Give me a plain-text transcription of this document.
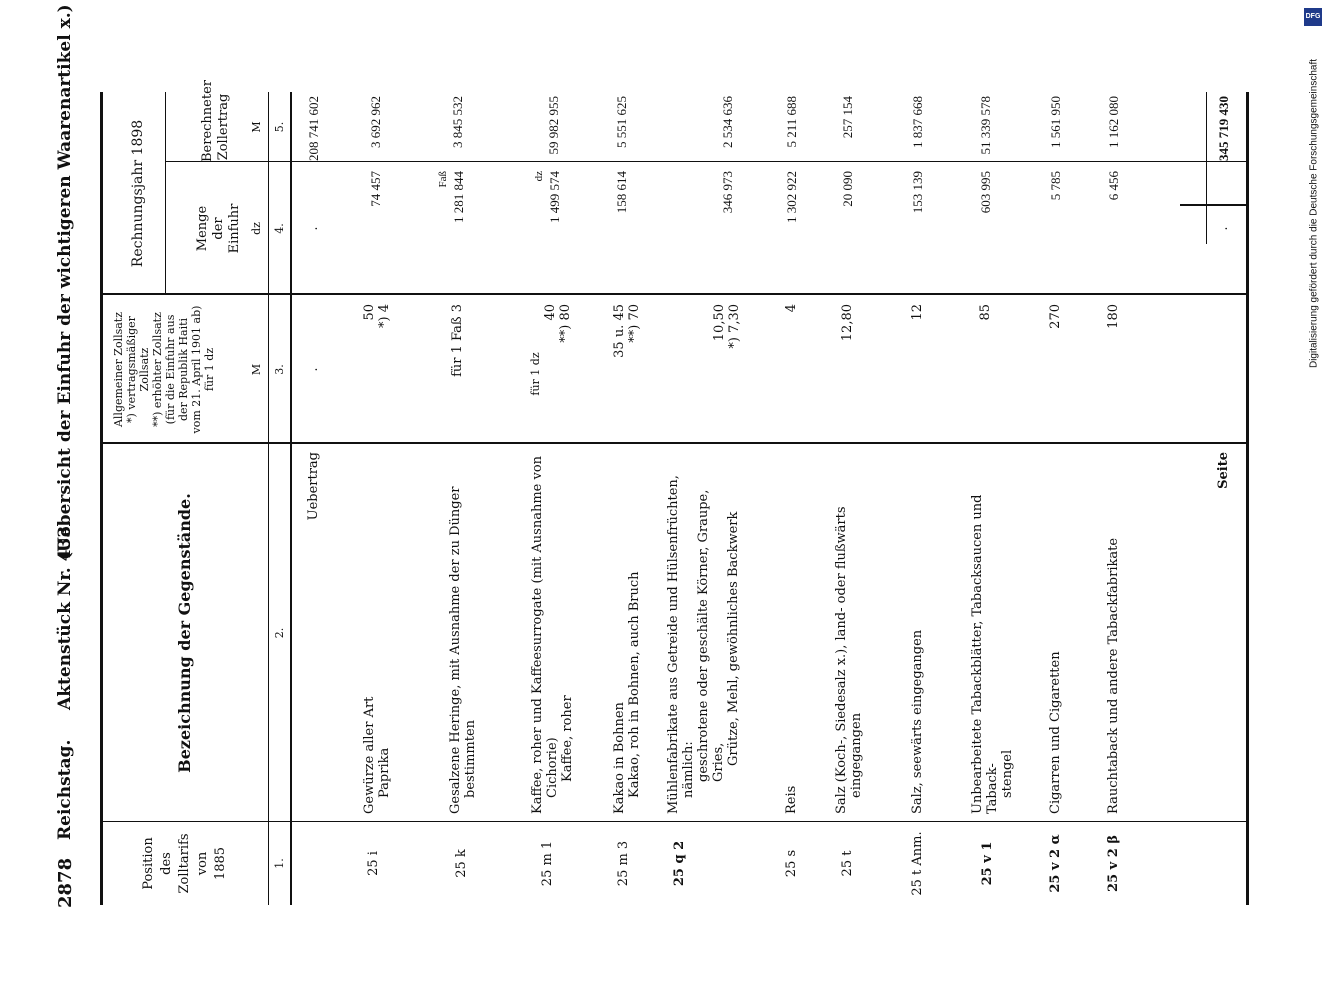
2878
Reichstag.
Aktenstück Nr. 433.
(Uebersicht der Einfuhr der wichtigeren Waarenartikel x.)
Position des Zolltarifs von 1885
Bezeichnung der Gegenstände.
Allgemeiner Zollsatz *) vertragsmäßiger Zollsatz **) erhöhter Zollsatz (für die Einfuhr aus der Republik Haiti vom 21. April 1901 ab) für 1 dz
Rechnungsjahr 1898	Menge der Einfuhr
Berechneter Zollertrag
M
dz
M
1.
2.
3.
4.
5.
Uebertrag
.
.
208 741 602
25 i
Gewürze aller Art Paprika
50 *) 4
74 457
3 692 962
25 k
Gesalzene Heringe, mit Ausnahme der zu Dünger bestimmten
für 1 Faß 3
Faß 1 281 844
3 845 532
25 m 1
Kaffee, roher und Kaffeesurrogate (mit Ausnahme von Cichorie) Kaffee, roher
für 1 dz
40 **) 80
dz 1 499 574
59 982 955
25 m 3
Kakao in Bohnen Kakao, roh in Bohnen, auch Bruch
35 u. 45 **) 70
158 614
5 551 625
25 q 2
Mühlenfabrikate aus Getreide und Hülsenfrüchten, nämlich: geschrotene oder geschälte Körner, Graupe, Gries, Grütze, Mehl, gewöhnliches Backwerk
10,50 *) 7,30
346 973
2 534 636
25 s
Reis
4
1 302 922
5 211 688
25 t
Salz (Koch-, Siedesalz x.), land- oder flußwärts eingegangen
12,80
20 090
257 154
25 t Anm.
Salz, seewärts eingegangen
12
153 139
1 837 668
25 v 1
Unbearbeitete Tabackblätter, Tabacksaucen und Taback- stengel
85
603 995
51 339 578
25 v 2 α
Cigarren und Cigaretten
270
5 785
1 561 950
25 v 2 β
Rauchtaback und andere Tabackfabrikate
180
6 456
1 162 080
Seite
.
345 719 430
DFG
Digitalisierung gefördert durch die Deutsche Forschungsgemeinschaft
